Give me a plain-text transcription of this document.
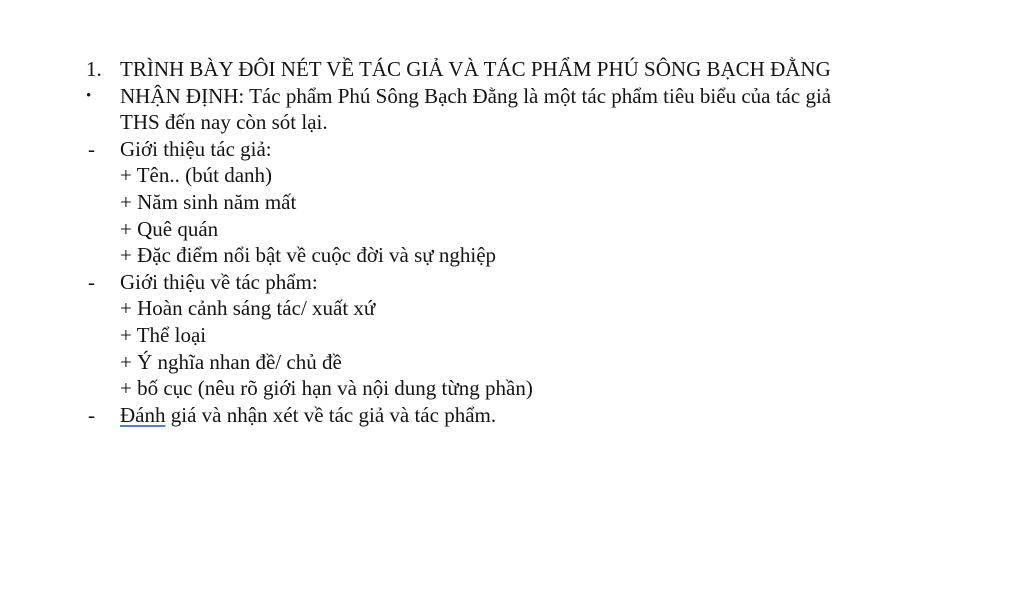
1. TRÌNH BÀY ĐÔI NÉT VỀ TÁC GIẢ VÀ TÁC PHẨM PHÚ SÔNG BẠCH ĐẰNG
• NHẬN ĐỊNH: Tác phẩm Phú Sông Bạch Đằng là một tác phẩm tiêu biểu của tác giả
THS đến nay còn sót lại.
- Giới thiệu tác giả:
+ Tên.. (bút danh)
+ Năm sinh năm mất
+ Quê quán
+ Đặc điểm nổi bật về cuộc đời và sự nghiệp
- Giới thiệu về tác phẩm:
+ Hoàn cảnh sáng tác/ xuất xứ
+ Thể loại
+ Ý nghĩa nhan đề/ chủ đề
+ bố cục (nêu rõ giới hạn và nội dung từng phần)
- Đánh giá và nhận xét về tác giả và tác phẩm.
